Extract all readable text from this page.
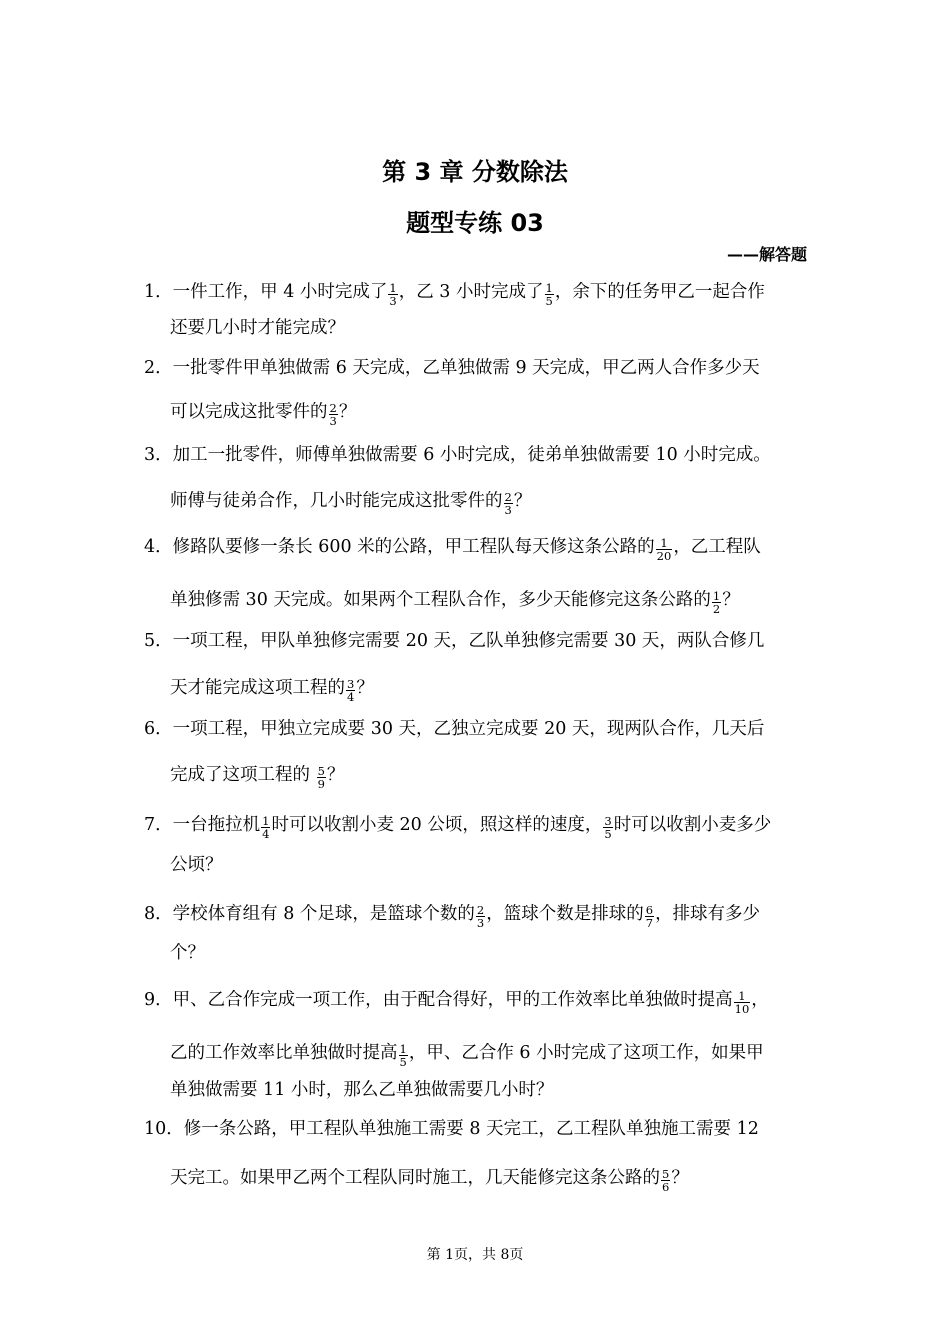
第 3 章 分数除法
题型专练 03
——解答题
1．一件工作，甲 4 小时完成了 $\frac{1}{3}$ ，乙 3 小时完成了 $\frac{1}{5}$ ，余下的任务甲乙一起合作
还要几小时才能完成？
2．一批零件甲单独做需 6 天完成，乙单独做需 9 天完成，甲乙两人合作多少天
可以完成这批零件的 $\frac{2}{3}$ ？
3．加工一批零件，师傅单独做需要 6 小时完成，徒弟单独做需要 10 小时完成。
师傅与徒弟合作，几小时能完成这批零件的 $\frac{2}{3}$ ？
4．修路队要修一条长 600 米的公路，甲工程队每天修这条公路的 $\frac{1}{20}$ ，乙工程队
单独修需 30 天完成。如果两个工程队合作，多少天能修完这条公路的 $\frac{1}{2}$ ？
5．一项工程，甲队单独修完需要 20 天，乙队单独修完需要 30 天，两队合修几
天才能完成这项工程的 $\frac{3}{4}$ ？
6．一项工程，甲独立完成要 30 天，乙独立完成要 20 天，现两队合作，几天后
完成了这项工程的 $\frac{5}{9}$ ？
7．一台拖拉机 $\frac{1}{4}$ 时可以收割小麦 20 公顷，照这样的速度， $\frac{3}{5}$ 时可以收割小麦多少
公顷？
8．学校体育组有 8 个足球，是篮球个数的 $\frac{2}{3}$ ，篮球个数是排球的 $\frac{6}{7}$ ，排球有多少
个？
9．甲、乙合作完成一项工作，由于配合得好，甲的工作效率比单独做时提高 $\frac{1}{10}$ ，
乙的工作效率比单独做时提高 $\frac{1}{5}$ ，甲、乙合作 6 小时完成了这项工作，如果甲
单独做需要 11 小时，那么乙单独做需要几小时？
10．修一条公路，甲工程队单独施工需要 8 天完工，乙工程队单独施工需要 12
天完工。如果甲乙两个工程队同时施工，几天能修完这条公路的 $\frac{5}{6}$ ？
第 1页，共 8页
